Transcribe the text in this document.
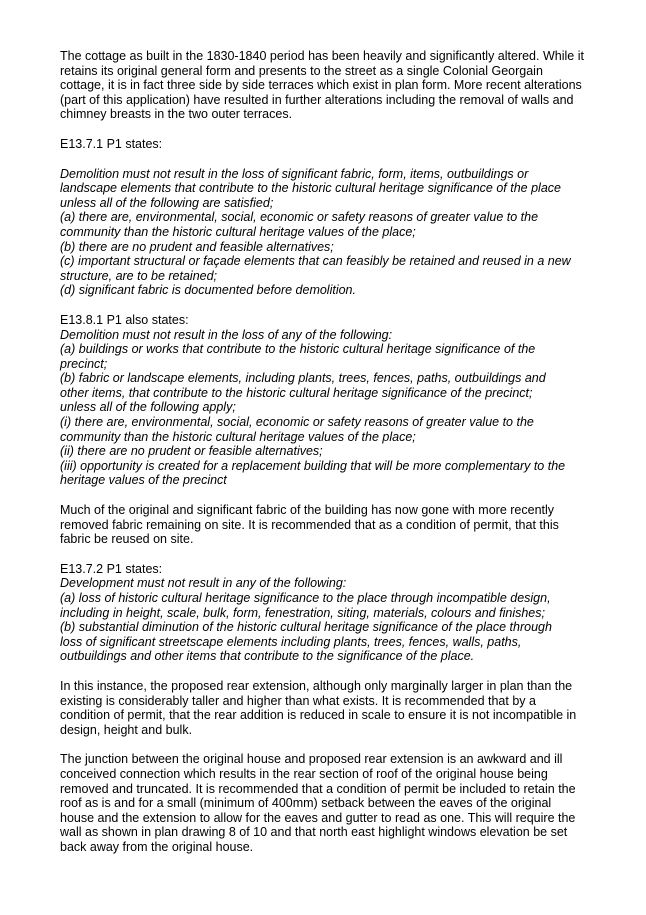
The cottage as built in the 1830-1840 period has been heavily and significantly altered. While it
retains its original general form and presents to the street as a single Colonial Georgain
cottage, it is in fact three side by side terraces which exist in plan form. More recent alterations
(part of this application) have resulted in further alterations including the removal of walls and
chimney breasts in the two outer terraces.
E13.7.1 P1 states:
Demolition must not result in the loss of significant fabric, form, items, outbuildings or
landscape elements that contribute to the historic cultural heritage significance of the place
unless all of the following are satisfied;
(a) there are, environmental, social, economic or safety reasons of greater value to the
community than the historic cultural heritage values of the place;
(b) there are no prudent and feasible alternatives;
(c) important structural or façade elements that can feasibly be retained and reused in a new
structure, are to be retained;
(d) significant fabric is documented before demolition.
E13.8.1 P1 also states:
Demolition must not result in the loss of any of the following:
(a) buildings or works that contribute to the historic cultural heritage significance of the
precinct;
(b) fabric or landscape elements, including plants, trees, fences, paths, outbuildings and
other items, that contribute to the historic cultural heritage significance of the precinct;
unless all of the following apply;
(i) there are, environmental, social, economic or safety reasons of greater value to the
community than the historic cultural heritage values of the place;
(ii) there are no prudent or feasible alternatives;
(iii) opportunity is created for a replacement building that will be more complementary to the
heritage values of the precinct
Much of the original and significant fabric of the building has now gone with more recently
removed fabric remaining on site. It is recommended that as a condition of permit, that this
fabric be reused on site.
E13.7.2 P1 states:
Development must not result in any of the following:
(a) loss of historic cultural heritage significance to the place through incompatible design,
including in height, scale, bulk, form, fenestration, siting, materials, colours and finishes;
(b) substantial diminution of the historic cultural heritage significance of the place through
loss of significant streetscape elements including plants, trees, fences, walls, paths,
outbuildings and other items that contribute to the significance of the place.
In this instance, the proposed rear extension, although only marginally larger in plan than the
existing is considerably taller and higher than what exists. It is recommended that by a
condition of permit, that the rear addition is reduced in scale to ensure it is not incompatible in
design, height and bulk.
The junction between the original house and proposed rear extension is an awkward and ill
conceived connection which results in the rear section of roof of the original house being
removed and truncated. It is recommended that a condition of permit be included to retain the
roof as is and for a small (minimum of 400mm) setback between the eaves of the original
house and the extension to allow for the eaves and gutter to read as one. This will require the
wall as shown in plan drawing 8 of 10 and that north east highlight windows elevation be set
back away from the original house.
